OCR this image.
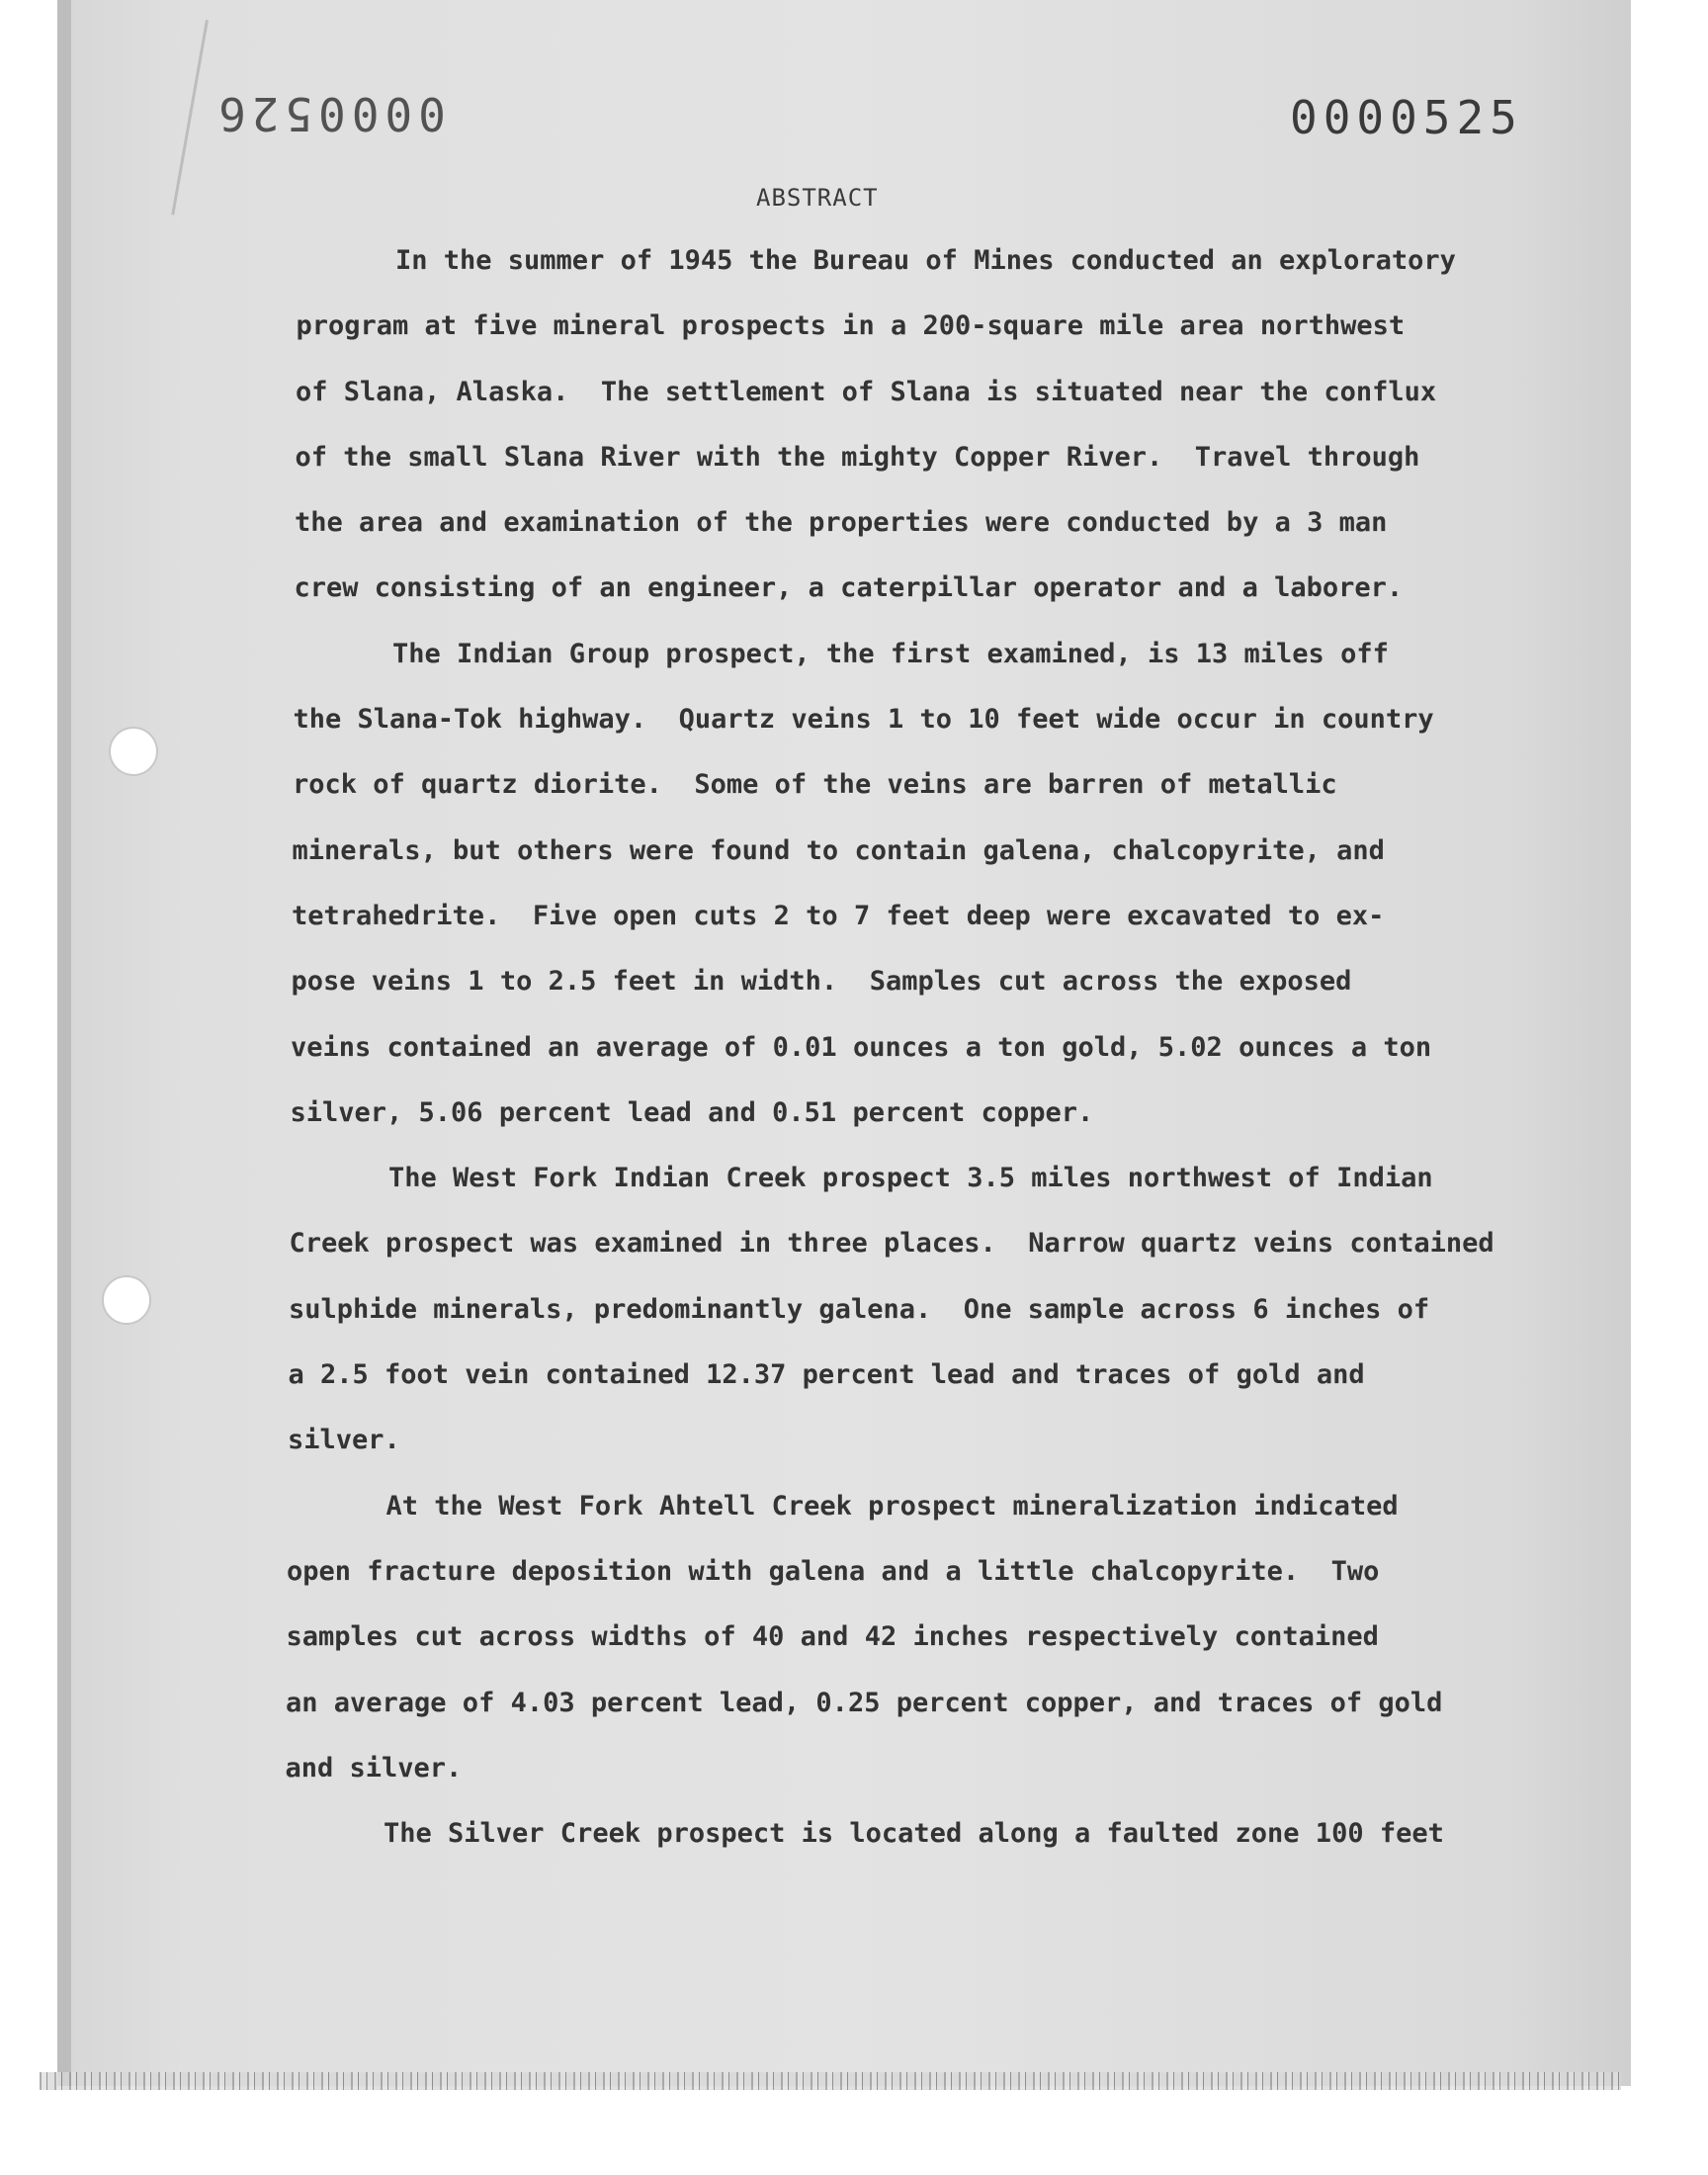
0000526	0000525
ABSTRACT
In the summer of 1945 the Bureau of Mines conducted an exploratory
program at five mineral prospects in a 200-square mile area northwest
of Slana, Alaska.  The settlement of Slana is situated near the conflux
of the small Slana River with the mighty Copper River.  Travel through
the area and examination of the properties were conducted by a 3 man
crew consisting of an engineer, a caterpillar operator and a laborer.
The Indian Group prospect, the first examined, is 13 miles off
the Slana-Tok highway.  Quartz veins 1 to 10 feet wide occur in country
rock of quartz diorite.  Some of the veins are barren of metallic
minerals, but others were found to contain galena, chalcopyrite, and
tetrahedrite.  Five open cuts 2 to 7 feet deep were excavated to ex-
pose veins 1 to 2.5 feet in width.  Samples cut across the exposed
veins contained an average of 0.01 ounces a ton gold, 5.02 ounces a ton
silver, 5.06 percent lead and 0.51 percent copper.
The West Fork Indian Creek prospect 3.5 miles northwest of Indian
Creek prospect was examined in three places.  Narrow quartz veins contained
sulphide minerals, predominantly galena.  One sample across 6 inches of
a 2.5 foot vein contained 12.37 percent lead and traces of gold and
silver.
At the West Fork Ahtell Creek prospect mineralization indicated
open fracture deposition with galena and a little chalcopyrite.  Two
samples cut across widths of 40 and 42 inches respectively contained
an average of 4.03 percent lead, 0.25 percent copper, and traces of gold
and silver.
The Silver Creek prospect is located along a faulted zone 100 feet
